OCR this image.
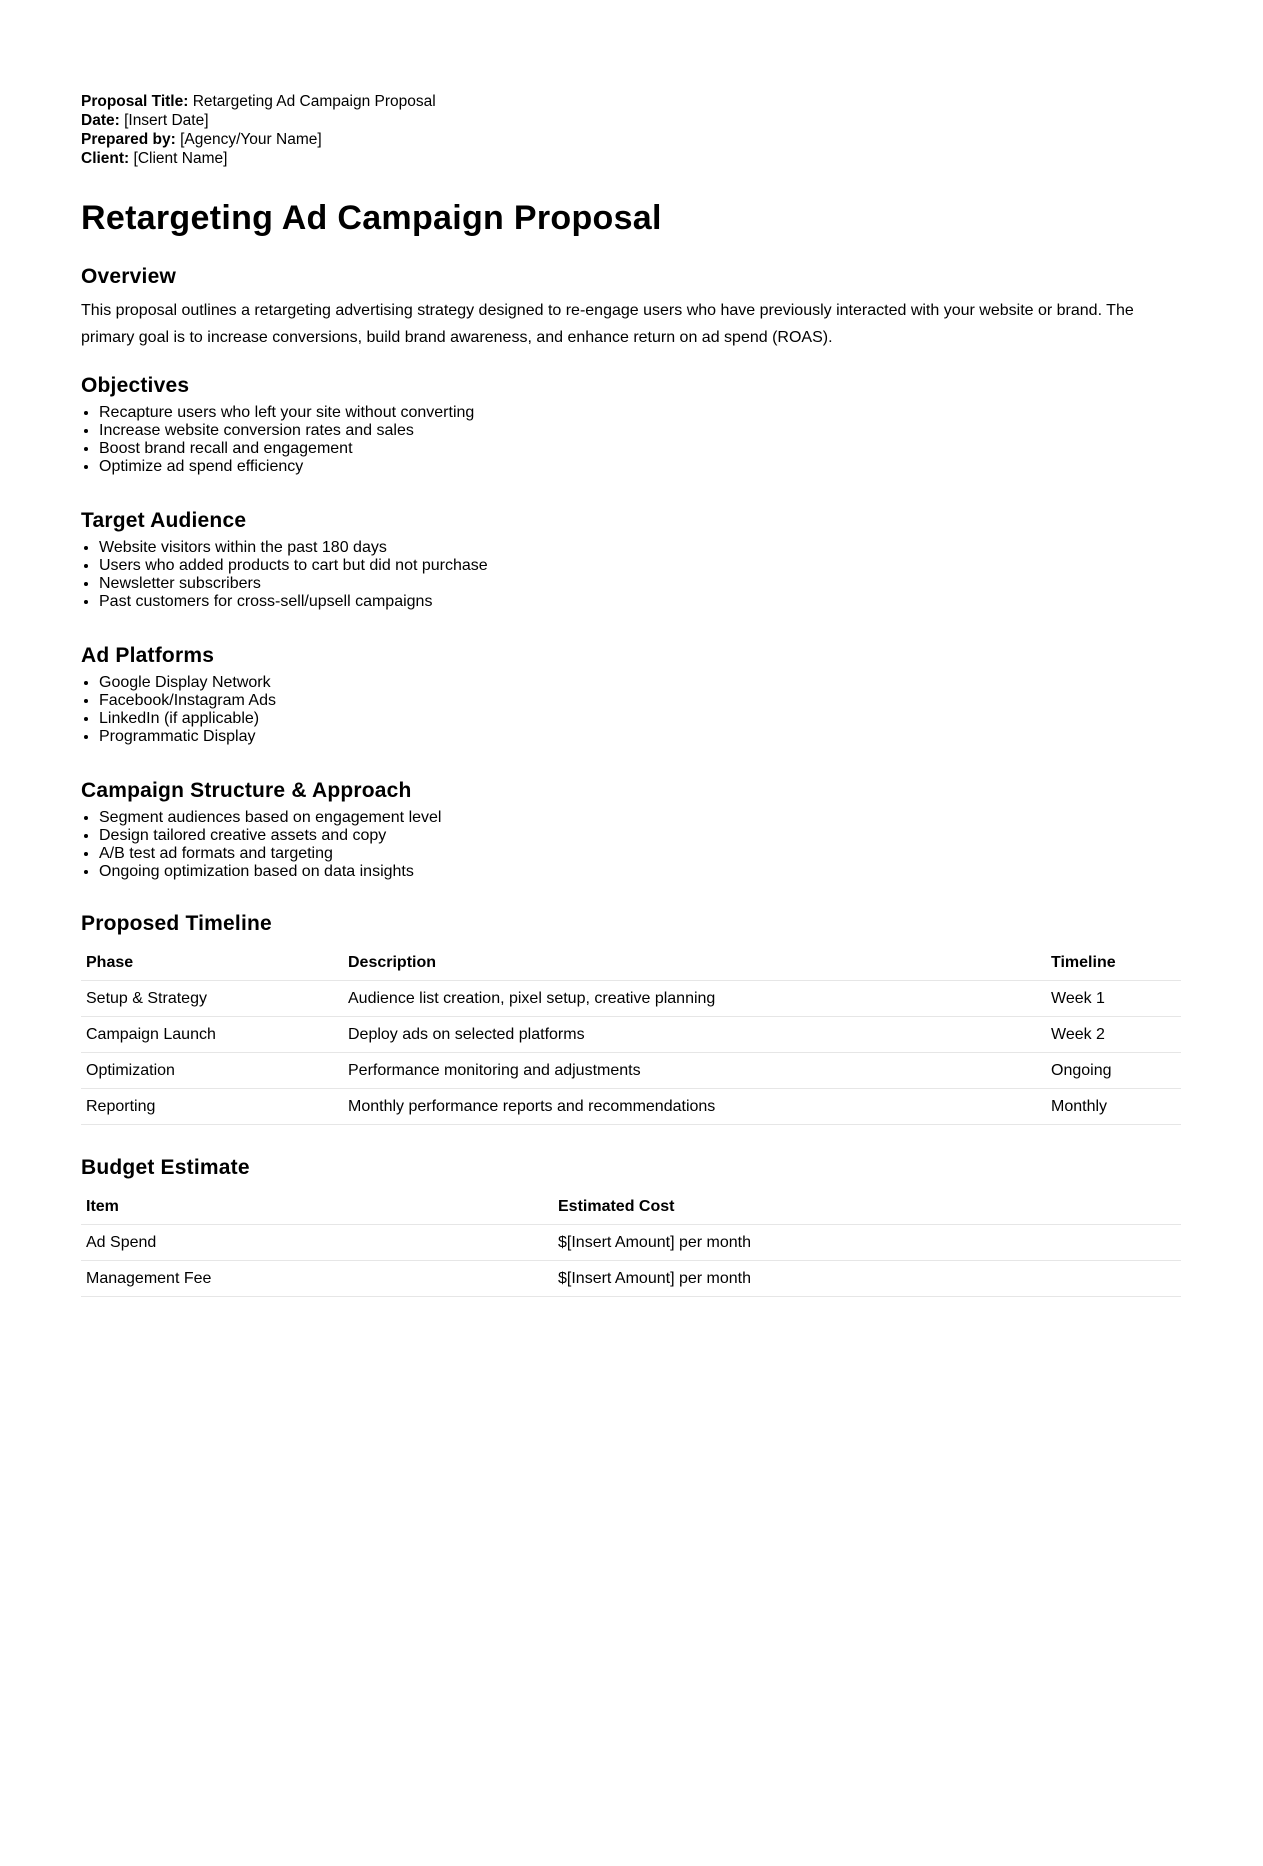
Proposal Title: Retargeting Ad Campaign Proposal
Date: [Insert Date]
Prepared by: [Agency/Your Name]
Client: [Client Name]
Retargeting Ad Campaign Proposal
Overview

This proposal outlines a retargeting advertising strategy designed to re-engage users who have previously interacted with your website or brand. The primary goal is to increase conversions, build brand awareness, and enhance return on ad spend (ROAS).

Objectives
• Recapture users who left your site without converting
• Increase website conversion rates and sales
• Boost brand recall and engagement
• Optimize ad spend efficiency
Target Audience
• Website visitors within the past 180 days
• Users who added products to cart but did not purchase
• Newsletter subscribers
• Past customers for cross-sell/upsell campaigns
Ad Platforms
• Google Display Network
• Facebook/Instagram Ads
• LinkedIn (if applicable)
• Programmatic Display
Campaign Structure & Approach
• Segment audiences based on engagement level
• Design tailored creative assets and copy
• A/B test ad formats and targeting
• Ongoing optimization based on data insights
Proposed Timeline
Phase	Description	Timeline
Setup & Strategy	Audience list creation, pixel setup, creative planning	Week 1
Campaign Launch	Deploy ads on selected platforms	Week 2
Optimization	Performance monitoring and adjustments	Ongoing
Reporting	Monthly performance reports and recommendations	Monthly
Budget Estimate
Item	Estimated Cost
Ad Spend	$[Insert Amount] per month
Management Fee	$[Insert Amount] per month
